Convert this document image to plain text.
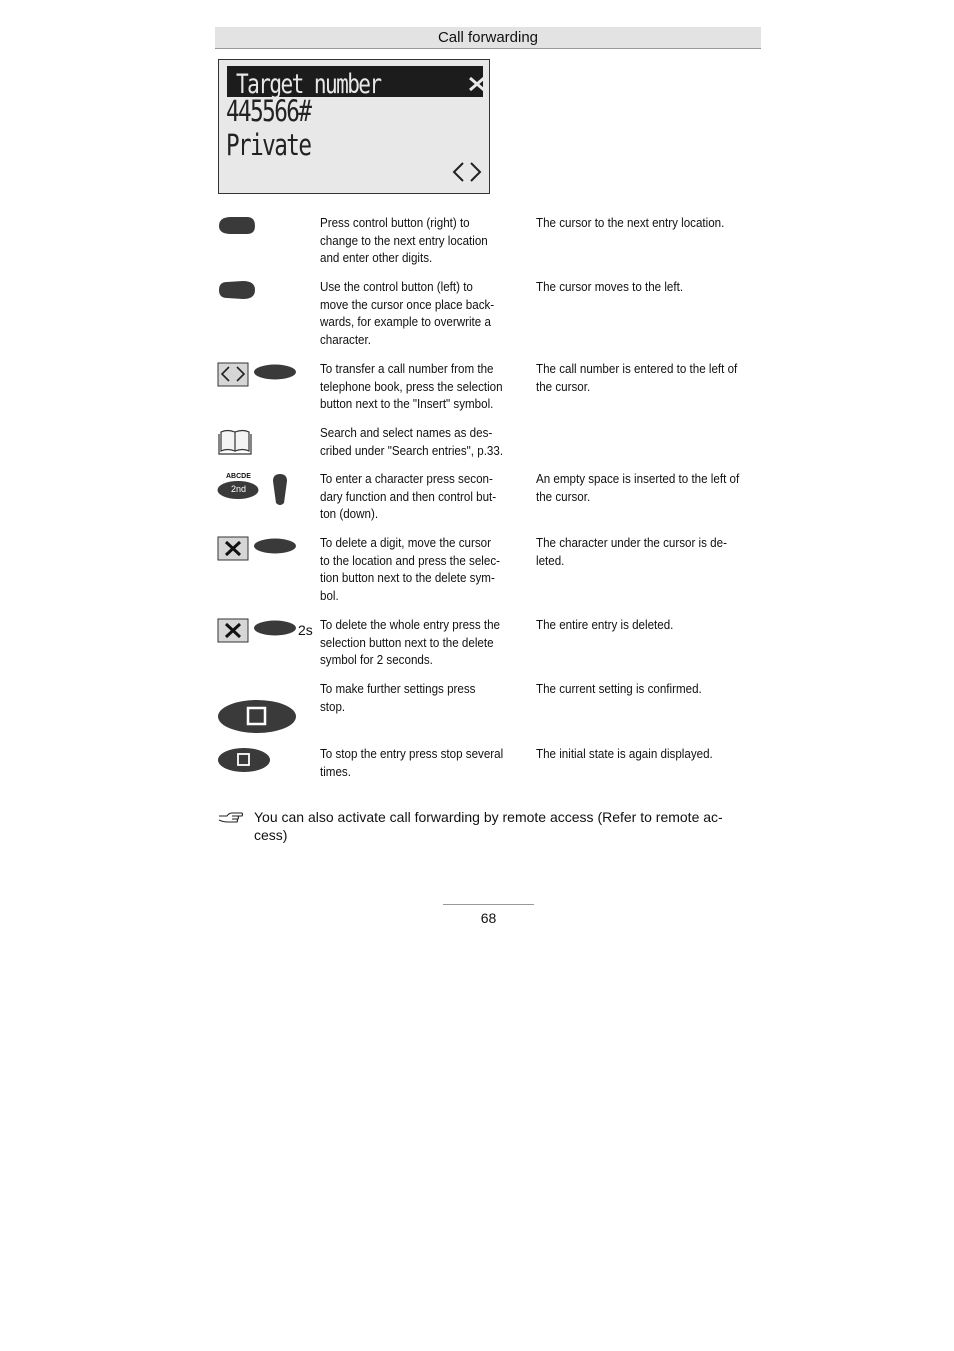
Call forwarding
Target number
445566#
Private
Press control button (right) to
change to the next entry location
and enter other digits.
The cursor to the next entry location.
Use the control button (left) to
move the cursor once place back-
wards, for example to overwrite a
character.
The cursor moves to the left.
To transfer a call number from the
telephone book, press the selection
button next to the "Insert" symbol.
The call number is entered to the left of
the cursor.
Search and select names as des-
cribed under "Search entries", p.33.
ABCDE
2nd
To enter a character press secon-
dary function and then control but-
ton (down).
An empty space is inserted to the left of
the cursor.
To delete a digit, move the cursor
to the location and press the selec-
tion button next to the delete sym-
bol.
The character under the cursor is de-
leted.
2s To delete the whole entry press the
selection button next to the delete
symbol for 2 seconds.
The entire entry is deleted.
To make further settings press
stop.
The current setting is confirmed.
To stop the entry press stop several
times.
The initial state is again displayed.
You can also activate call forwarding by remote access (Refer to remote ac-
cess)
68
